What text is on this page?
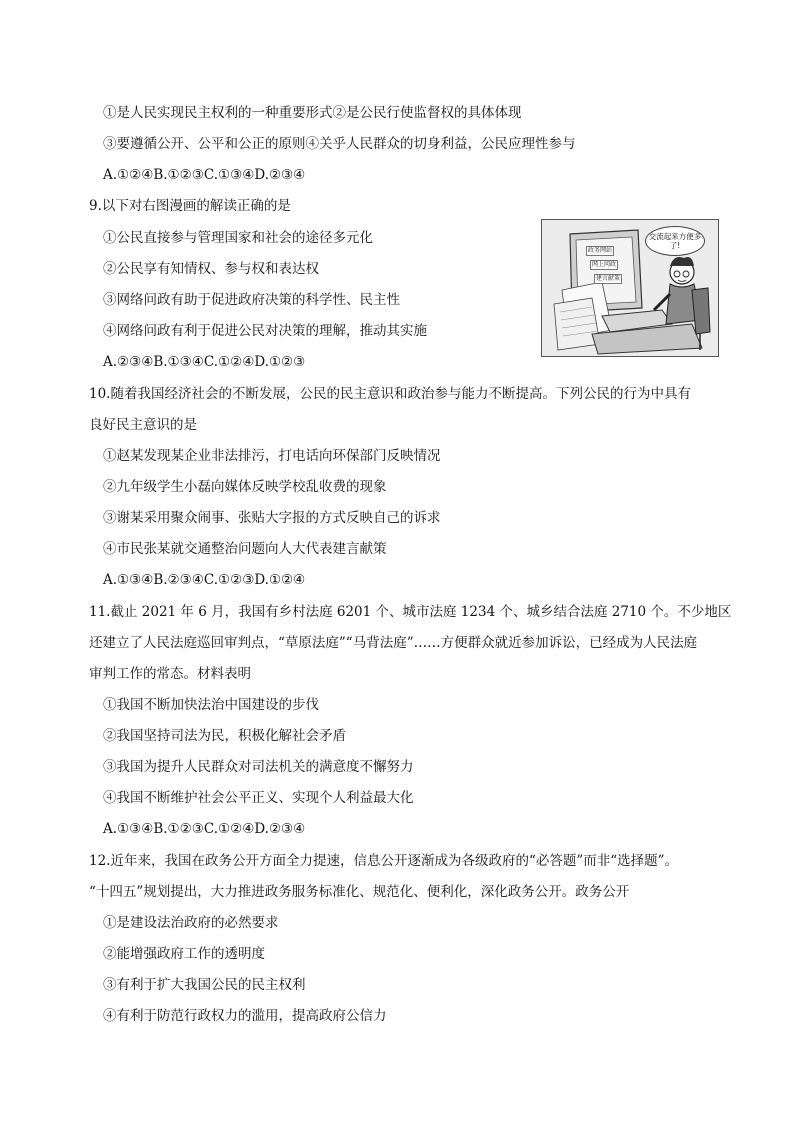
①是人民实现民主权利的一种重要形式②是公民行使监督权的具体体现
③要遵循公开、公平和公正的原则④关乎人民群众的切身利益，公民应理性参与
A.①②④B.①②③C.①③④D.②③④
9.以下对右图漫画的解读正确的是
①公民直接参与管理国家和社会的途径多元化
②公民享有知情权、参与权和表达权
③网络问政有助于促进政府决策的科学性、民主性
④网络问政有利于促进公民对决策的理解，推动其实施
A.②③④B.①③④C.①②④D.①②③
交流起来方便多了!
政务网站
网上问政
建言献策
10.随着我国经济社会的不断发展，公民的民主意识和政治参与能力不断提高。下列公民的行为中具有
良好民主意识的是
①赵某发现某企业非法排污，打电话向环保部门反映情况
②九年级学生小磊向媒体反映学校乱收费的现象
③谢某采用聚众闹事、张贴大字报的方式反映自己的诉求
④市民张某就交通整治问题向人大代表建言献策
A.①③④B.②③④C.①②③D.①②④
11.截止 2021 年 6 月，我国有乡村法庭 6201 个、城市法庭 1234 个、城乡结合法庭 2710 个。不少地区
还建立了人民法庭巡回审判点，“草原法庭”“马背法庭”……方便群众就近参加诉讼，已经成为人民法庭
审判工作的常态。材料表明
①我国不断加快法治中国建设的步伐
②我国坚持司法为民，积极化解社会矛盾
③我国为提升人民群众对司法机关的满意度不懈努力
④我国不断维护社会公平正义、实现个人利益最大化
A.①③④B.①②③C.①②④D.②③④
12.近年来，我国在政务公开方面全力提速，信息公开逐渐成为各级政府的“必答题”而非“选择题”。
“十四五”规划提出，大力推进政务服务标准化、规范化、便利化，深化政务公开。政务公开
①是建设法治政府的必然要求
②能增强政府工作的透明度
③有利于扩大我国公民的民主权利
④有利于防范行政权力的滥用，提高政府公信力
